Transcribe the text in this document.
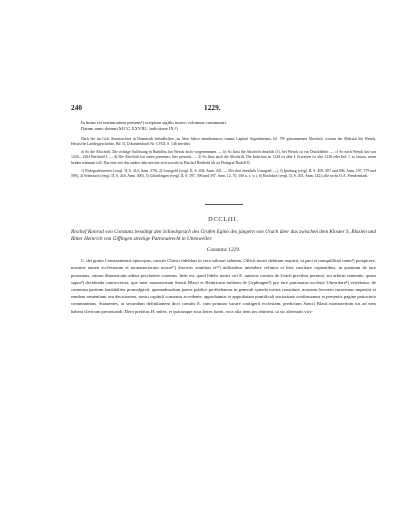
240	1229.

In huius rei testimonium presens¹) scriptum sigillo nostro voluimus communiri.

Datum anno domini M.CC.XXVIII., indictione IX.²)

Nach der im Geh. Staatsarchive in Darmstadt befindlichen „zu libro Salico membranaceo summi Capituli Argentinensis, fol. 78“ genommenen Abschrift, woraus der Abdruck bei Wenck, Hessische Landesgeschichte, Bd. II, Urkundenbuch Nr. CVIII, S. 146 herrührt.

a) So die Abschrift. Die richtige Auflösung in Rudolfus hat Wenck nicht vorgenommen. — b) So fasst die Abschrift deutlich (1), bei Wenck ist ein Druckfehler. — c) So nach Wenck bei von 1226—1264 Berthold I. — d) Die Abschrift hat einen presentes, hier presenti. — 2) So lässt auch die Abschrift. Die Indiction zu 1228 ist aber I. Erwarten ist also 1226 oder Ind. I, so lassen, wenn beiden stimmen soll. Das eine wie das andere Jahr möchte sich sowohl zu Bischof Berthold als zu Pfalzgraf Rudolf II.

1) Pfalzgrafenwetter (vergl. II, S. 414, Anm. 379), 2) Uruogold (vergl. II, S. 404, Anm. 401, — Der dort ebenfalls Uruagold —), 3) Iptzburg (vergl. II, S. 409, 407 und 496, Anm. 197, 579 und 599), 4) Seheraach (vergl. II, S. 416, Anm. 400), 5) Glitteltingen (vergl. II, S. 397, 396 und 397, Anm. 12, 70, 100 u. s. w.), 6) Hochdorf (vergl. II, S. 401, Anm. 142); alle sechs O.A. Freudenstadt.

DCCLIII.

Bischof Konrad von Constanz bestätigt den Schiedspruch des Grafen Egino des jüngern von Urach über das zwischen dem Kloster S. Blasien und Ritter Heinrich von Gíffingen streitige Patronatrecht in Uttenweiler.

Constanz 1229.

C. dei gratia Constantiensis episcopus, cunctis Christi fidelibus in vero salutari salutem. Officii nostri debitum requirit, ut paci et tranquillitati omni¹) prospicere, maxime tamen ecclesiarum et monasteriorum nostre¹⁾) diocesis omnibus et¹¹) utilitatibus intendere velimus et lites suscitare cupientibus, in quantum de iure possumus, omnes dimensionis aditus precludere curemus. Inde est, quod fidelis nostri viri E. iunioris comitis de Urach precibus permoti, sui arbitrii sententie, quam supra²) decidenda controversia, que inter monasterium Sancti Blasii et Heinricum militem de Gephingen³) pro iure patronatus ecclesie Uttewilare⁴) vertebatur, de consensu partium laudabiliter promulgavit, quemadmodum partes publice profitebantur in generali synodo nostra constitute, nostrum favorem curavimus impertiri et eandem sententiam seu decisionem, nostri capituli consensu accedente, approbamus et approbatam pontificali auctoritate confirmamus et presentis pagine patrocinio communimus. Statuentes, ut secundum definitionem dicti comitis E. cum primum vacare contigerit ecclesiam, predictum Sancti Blasii monasterium ius ad eam habeat clericum presentandi. Dein prefatus H. miles, et quicunque suus heres fuerit, vice alia item ius obtineat, ut sic alternatis vici-
